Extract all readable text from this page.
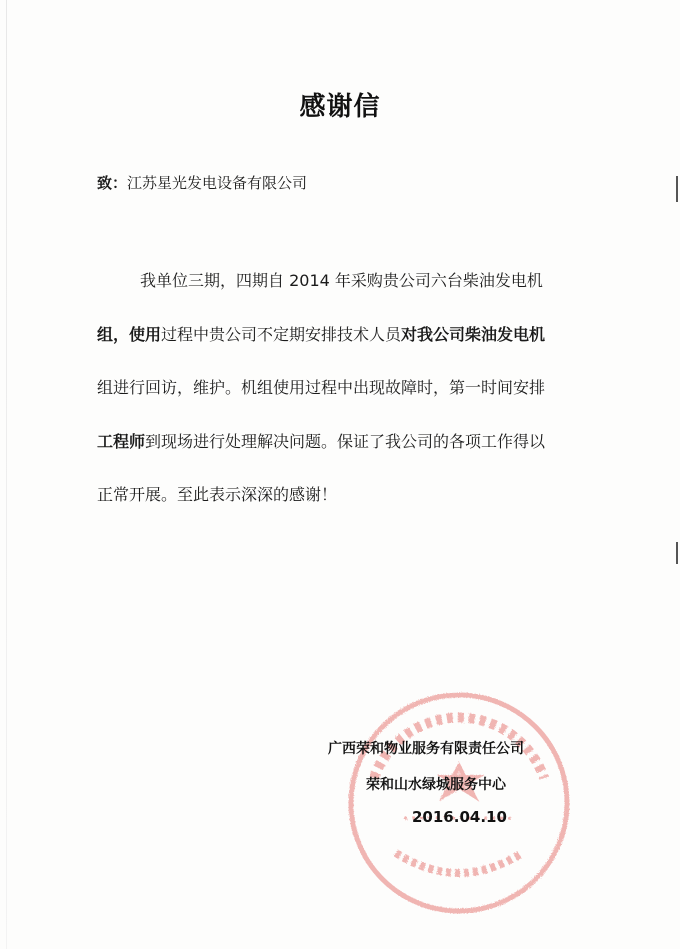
感谢信
致：江苏星光发电设备有限公司
我单位三期，四期自 2014 年采购贵公司六台柴油发电机
组，使用过程中贵公司不定期安排技术人员对我公司柴油发电机
组进行回访，维护。机组使用过程中出现故障时，第一时间安排
工程师到现场进行处理解决问题。保证了我公司的各项工作得以
正常开展。至此表示深深的感谢！
广西荣和物业服务有限责任公司
荣和山水绿城服务中心
2016.04.10
